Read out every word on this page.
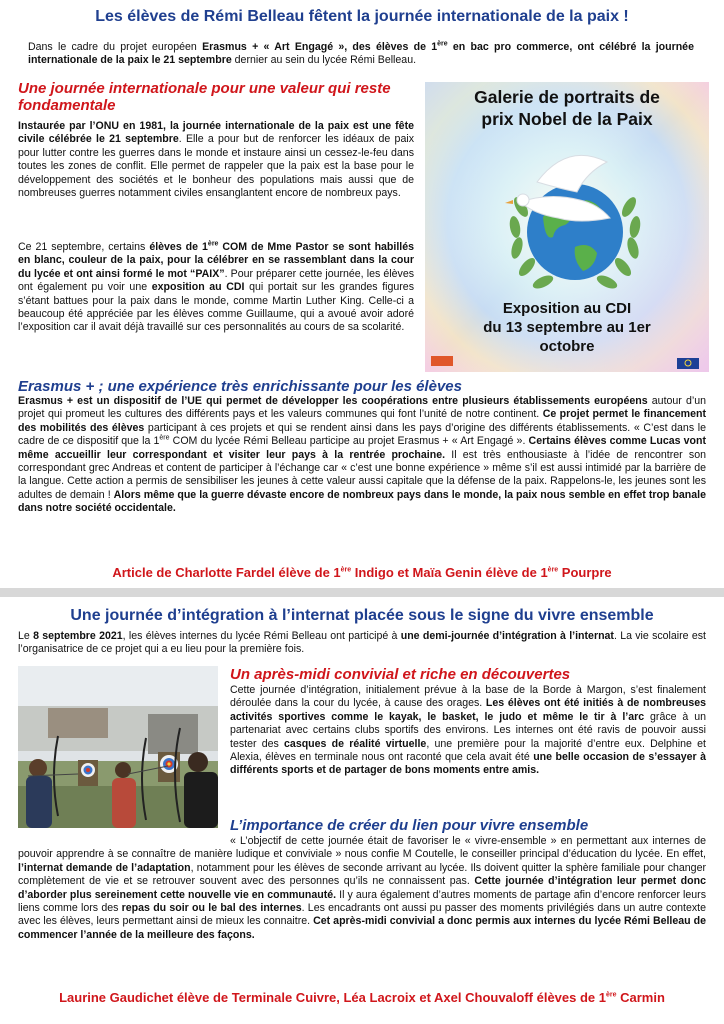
Les élèves de Rémi Belleau fêtent la journée internationale de la paix !
Dans le cadre du projet européen Erasmus + « Art Engagé », des élèves de 1ère en bac pro commerce, ont célébré la journée internationale de la paix le 21 septembre dernier au sein du lycée Rémi Belleau.
Une journée internationale pour une valeur qui reste fondamentale
Instaurée par l’ONU en 1981, la journée internationale de la paix est une fête civile célébrée le 21 septembre. Elle a pour but de renforcer les idéaux de paix pour lutter contre les guerres dans le monde et instaure ainsi un cessez-le-feu dans toutes les zones de conflit. Elle permet de rappeler que la paix est la base pour le développement des sociétés et le bonheur des populations mais aussi que de nombreuses guerres notamment civiles ensanglantent encore de nombreux pays.
Ce 21 septembre, certains élèves de 1ère COM de Mme Pastor se sont habillés en blanc, couleur de la paix, pour la célébrer en se rassemblant dans la cour du lycée et ont ainsi formé le mot “PAIX”. Pour préparer cette journée, les élèves ont également pu voir une exposition au CDI qui portait sur les grandes figures s’étant battues pour la paix dans le monde, comme Martin Luther King. Celle-ci a beaucoup été appréciée par les élèves comme Guillaume, qui a avoué avoir adoré l’exposition car il avait déjà travaillé sur ces personnalités au cours de sa scolarité.
Galerie de portraits de
prix Nobel de la Paix
Exposition au CDI
du 13 septembre au 1er
octobre
Erasmus + ; une expérience très enrichissante pour les élèves
Erasmus + est un dispositif de l’UE qui permet de développer les coopérations entre plusieurs établissements européens autour d’un projet qui promeut les cultures des différents pays et les valeurs communes qui font l’unité de notre continent. Ce projet permet le financement des mobilités des élèves participant à ces projets et qui se rendent ainsi dans les pays d’origine des différents établissements. « C’est dans le cadre de ce dispositif que la 1ère COM du lycée Rémi Belleau participe au projet Erasmus + « Art Engagé ». Certains élèves comme Lucas vont même accueillir leur correspondant et visiter leur pays à la rentrée prochaine. Il est très enthousiaste à l’idée de rencontrer son correspondant grec Andreas et content de participer à l’échange car « c’est une bonne expérience » même s’il est aussi intimidé par la barrière de la langue. Cette action a permis de sensibiliser les jeunes à cette valeur aussi capitale que la défense de la paix. Rappelons-le, les jeunes sont les adultes de demain ! Alors même que la guerre dévaste encore de nombreux pays dans le monde, la paix nous semble en effet trop banale dans notre société occidentale.
Article de Charlotte Fardel élève de 1ère Indigo et Maïa Genin élève de 1ère Pourpre
Une journée d’intégration à l’internat placée sous le signe du vivre ensemble
Le 8 septembre 2021, les élèves internes du lycée Rémi Belleau ont participé à une demi-journée d’intégration à l’internat. La vie scolaire est l’organisatrice de ce projet qui a eu lieu pour la première fois.
Un après-midi convivial et riche en découvertes
Cette journée d’intégration, initialement prévue à la base de la Borde à Margon, s’est finalement déroulée dans la cour du lycée, à cause des orages. Les élèves ont été initiés à de nombreuses activités sportives comme le kayak, le basket, le judo et même le tir à l’arc grâce à un partenariat avec certains clubs sportifs des environs. Les internes ont été ravis de pouvoir aussi tester des casques de réalité virtuelle, une première pour la majorité d’entre eux. Delphine et Alexia, élèves en terminale nous ont raconté que cela avait été une belle occasion de s’essayer à différents sports et de partager de bons moments entre amis.
L’importance de créer du lien pour vivre ensemble
« L’objectif de cette journée était de favoriser le « vivre-ensemble » en permettant aux internes de pouvoir apprendre à se connaître de manière ludique et conviviale » nous confie M Coutelle, le conseiller principal d’éducation du lycée. En effet, l’internat demande de l’adaptation, notamment pour les élèves de seconde arrivant au lycée. Ils doivent quitter la sphère familiale pour changer complètement de vie et se retrouver souvent avec des personnes qu’ils ne connaissent pas. Cette journée d’intégration leur permet donc d’aborder plus sereinement cette nouvelle vie en communauté. Il y aura également d’autres moments de partage afin d’encore renforcer leurs liens comme lors des repas du soir ou le bal des internes. Les encadrants ont aussi pu passer des moments privilégiés dans un autre contexte avec les élèves, leurs permettant ainsi de mieux les connaitre. Cet après-midi convivial a donc permis aux internes du lycée Rémi Belleau de commencer l’année de la meilleure des façons.
Laurine Gaudichet élève de Terminale Cuivre, Léa Lacroix et Axel Chouvaloff élèves de 1ère Carmin
